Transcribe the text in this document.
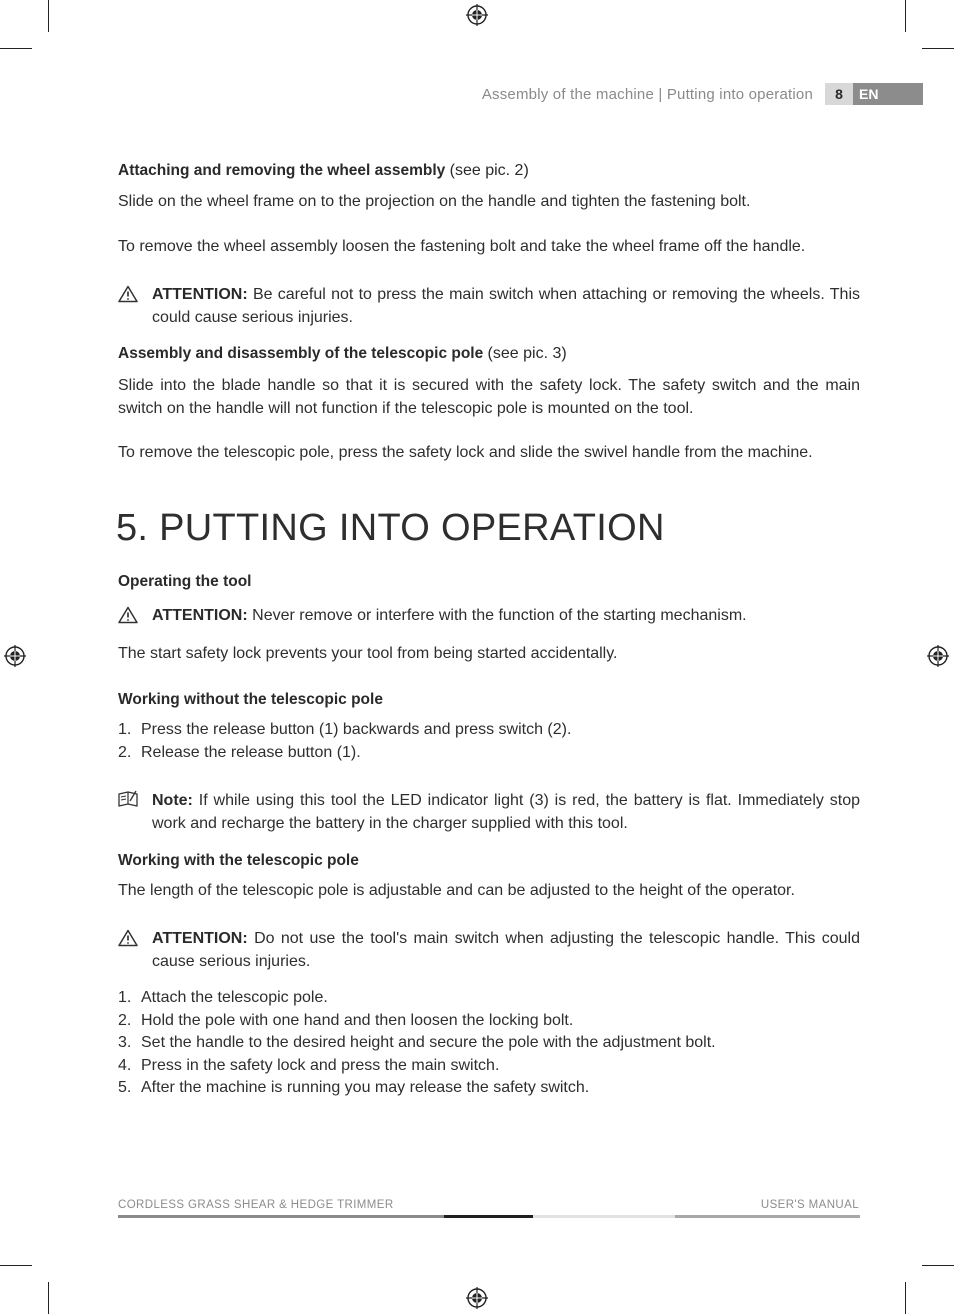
Assembly of the machine | Putting into operation	8	EN
Attaching and removing the wheel assembly (see pic. 2)
Slide on the wheel frame on to the projection on the handle and tighten the fastening bolt.
To remove the wheel assembly loosen the fastening bolt and take the wheel frame off the handle.
ATTENTION: Be careful not to press the main switch when attaching or removing the wheels. This could cause serious injuries.
Assembly and disassembly of the telescopic pole (see pic. 3)
Slide into the blade handle so that it is secured with the safety lock. The safety switch and the main switch on the handle will not function if the telescopic pole is mounted on the tool.
To remove the telescopic pole, press the safety lock and slide the swivel handle from the machine.
5. PUTTING INTO OPERATION
Operating the tool
ATTENTION: Never remove or interfere with the function of the starting mechanism.
The start safety lock prevents your tool from being started accidentally.
Working without the telescopic pole
1. Press the release button (1) backwards and press switch (2).
2. Release the release button (1).
Note: If while using this tool the LED indicator light (3) is red, the battery is flat. Immediately stop work and recharge the battery in the charger supplied with this tool.
Working with the telescopic pole
The length of the telescopic pole is adjustable and can be adjusted to the height of the operator.
ATTENTION: Do not use the tool's main switch when adjusting the telescopic handle. This could cause serious injuries.
1. Attach the telescopic pole.
2. Hold the pole with one hand and then loosen the locking bolt.
3. Set the handle to the desired height and secure the pole with the adjustment bolt.
4. Press in the safety lock and press the main switch.
5. After the machine is running you may release the safety switch.
CORDLESS GRASS SHEAR & HEDGE TRIMMER	USER'S MANUAL
